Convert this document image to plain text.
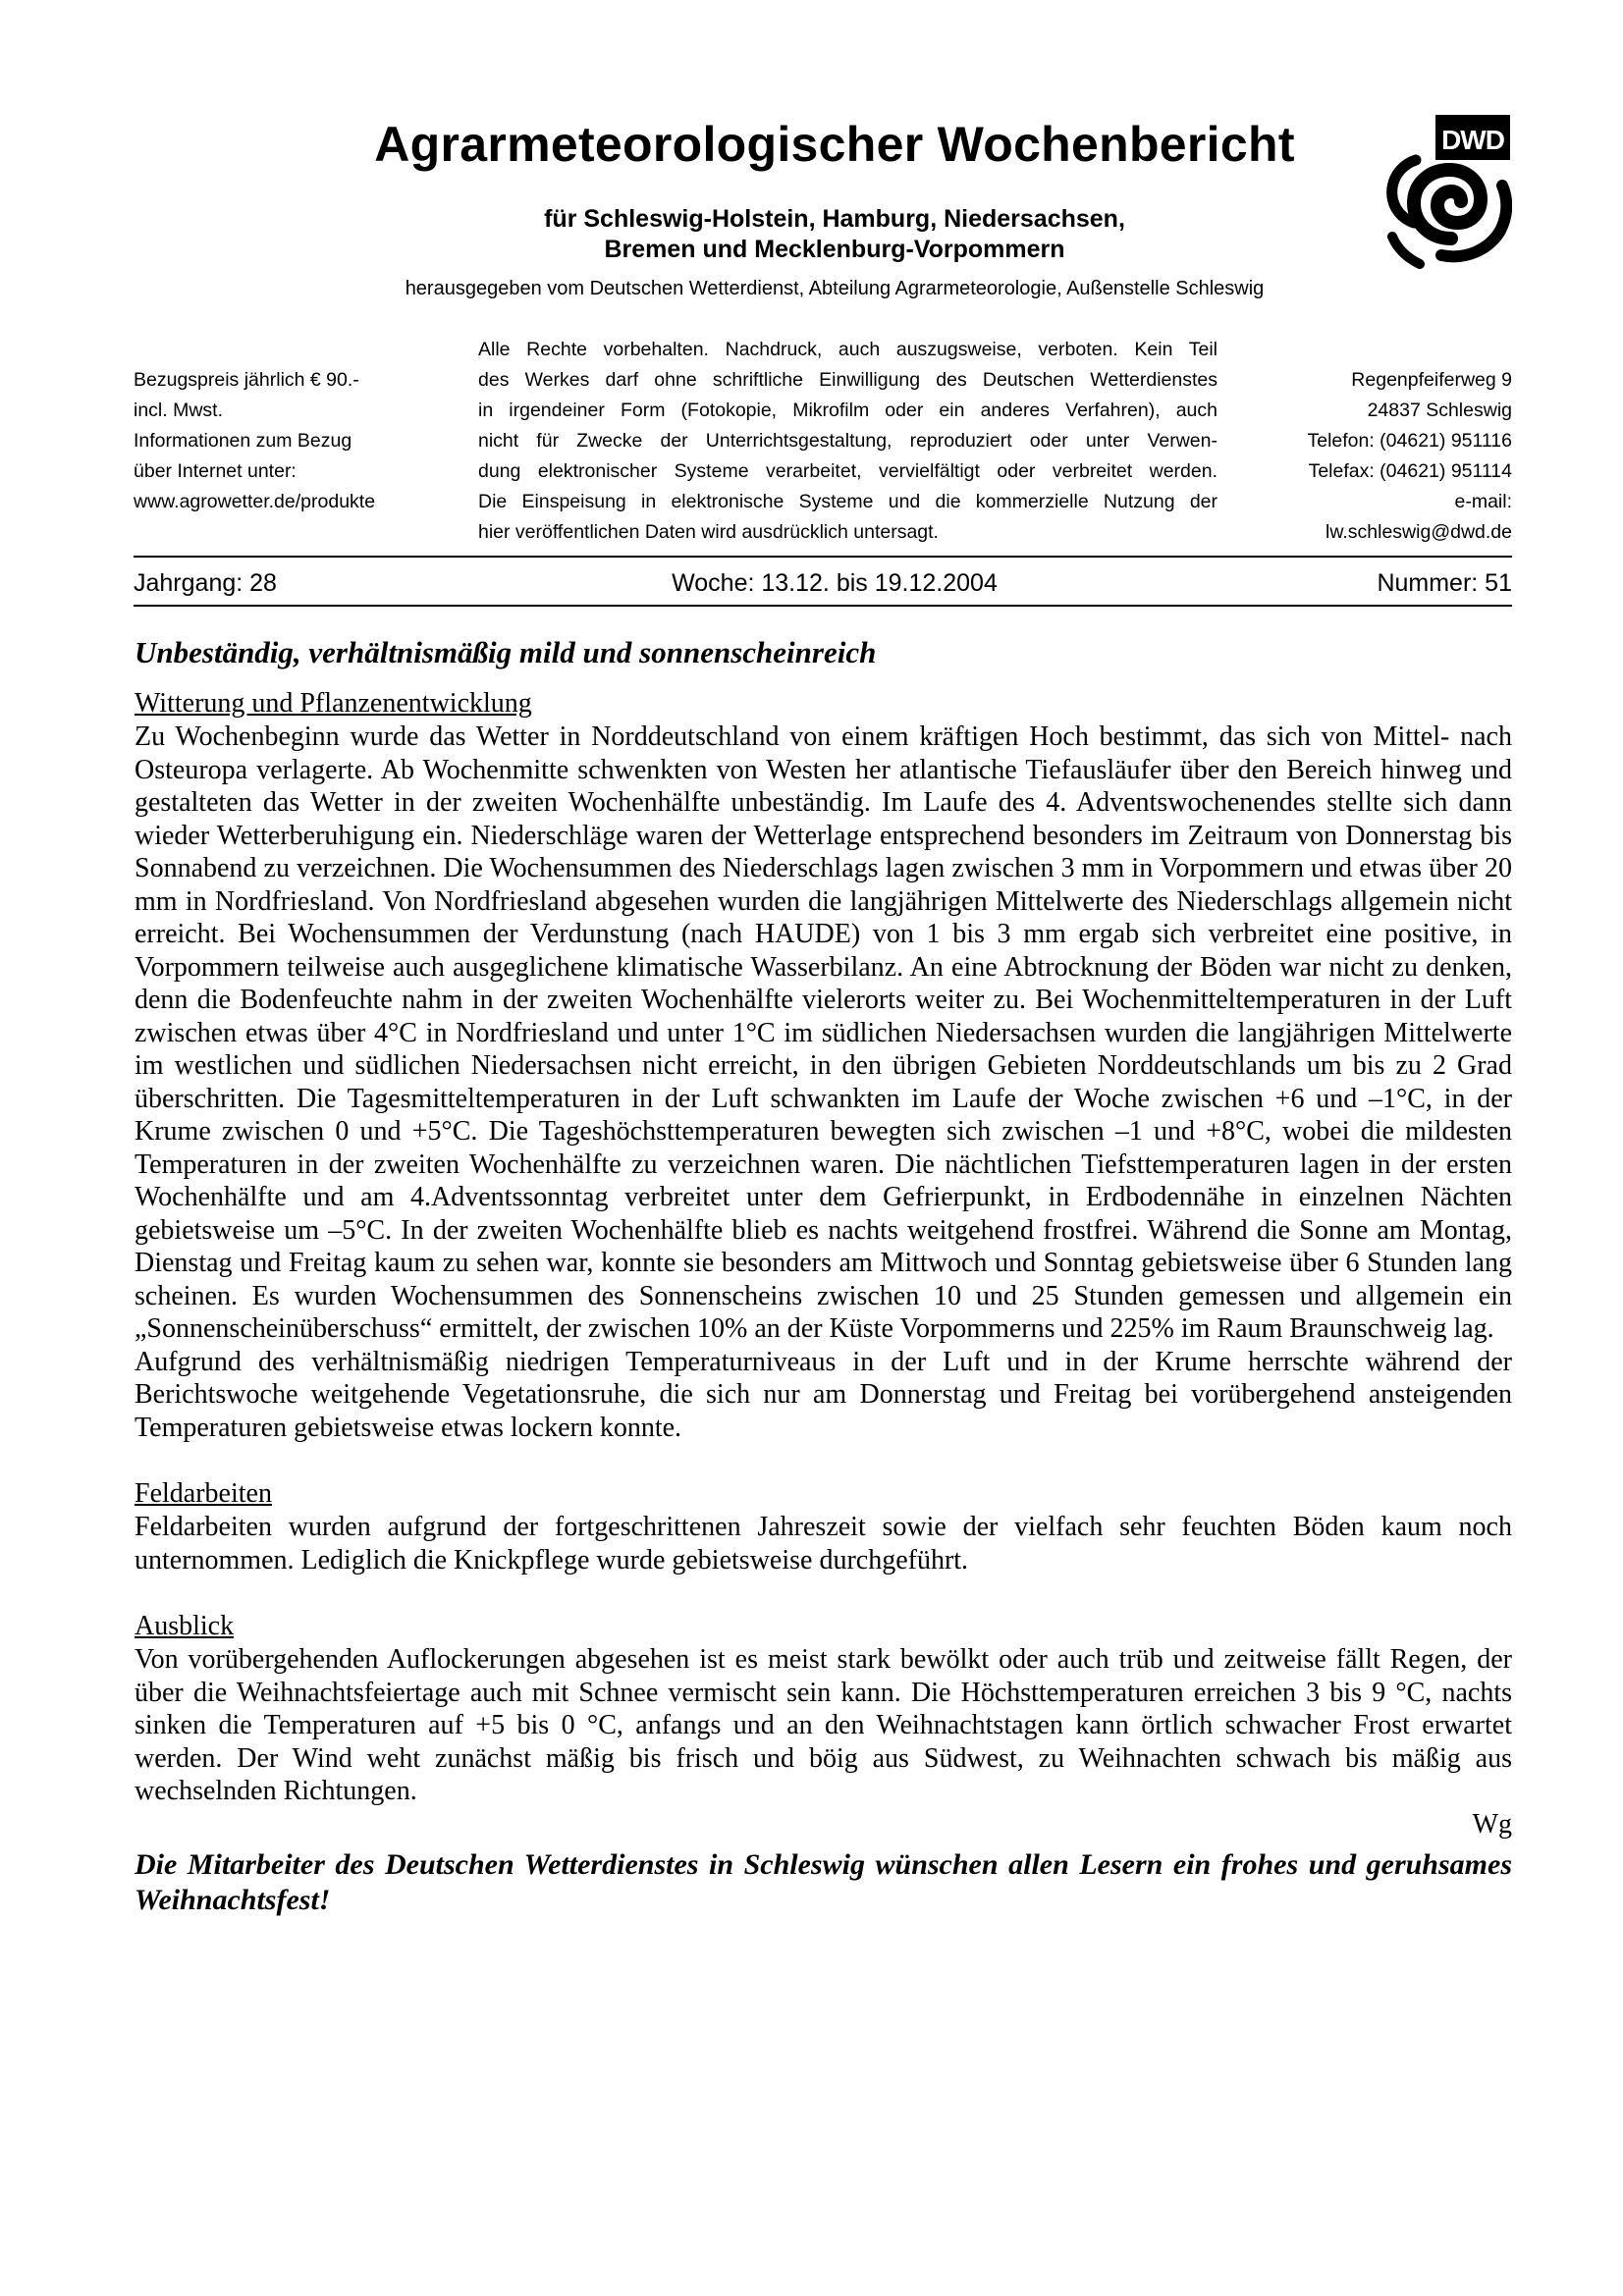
Agrarmeteorologischer Wochenbericht
für Schleswig-Holstein, Hamburg, Niedersachsen,
Bremen und Mecklenburg-Vorpommern
herausgegeben vom Deutschen Wetterdienst, Abteilung Agrarmeteorologie, Außenstelle Schleswig
DWD
Bezugspreis jährlich € 90.-
incl. Mwst.
Informationen zum Bezug
über Internet unter:
www.agrowetter.de/produkte
Alle Rechte vorbehalten. Nachdruck, auch auszugsweise, verboten. Kein Teil
des Werkes darf ohne schriftliche Einwilligung des Deutschen Wetterdienstes
in irgendeiner Form (Fotokopie, Mikrofilm oder ein anderes Verfahren), auch
nicht für Zwecke der Unterrichtsgestaltung, reproduziert oder unter Verwen-
dung elektronischer Systeme verarbeitet, vervielfältigt oder verbreitet werden.
Die Einspeisung in elektronische Systeme und die kommerzielle Nutzung der
hier veröffentlichen Daten wird ausdrücklich untersagt.
Regenpfeiferweg 9
24837 Schleswig
Telefon: (04621) 951116
Telefax: (04621) 951114
e-mail:
lw.schleswig@dwd.de
Jahrgang: 28	Woche: 13.12. bis 19.12.2004	Nummer: 51
Unbeständig, verhältnismäßig mild und sonnenscheinreich
Witterung und Pflanzenentwicklung

Zu Wochenbeginn wurde das Wetter in Norddeutschland von einem kräftigen Hoch bestimmt, das sich von Mittel- nach Osteuropa verlagerte. Ab Wochenmitte schwenkten von Westen her atlantische Tiefausläufer über den Bereich hinweg und gestalteten das Wetter in der zweiten Wochenhälfte unbeständig. Im Laufe des 4. Adventswochenendes stellte sich dann wieder Wetterberuhigung ein. Niederschläge waren der Wetterlage entsprechend besonders im Zeitraum von Donnerstag bis Sonnabend zu verzeichnen. Die Wochensummen des Niederschlags lagen zwischen 3 mm in Vorpommern und etwas über 20 mm in Nordfriesland. Von Nordfriesland abgesehen wurden die langjährigen Mittelwerte des Niederschlags allgemein nicht erreicht. Bei Wochensummen der Verdunstung (nach HAUDE) von 1 bis 3 mm ergab sich verbreitet eine positive, in Vorpommern teilweise auch ausgeglichene klimatische Wasserbilanz. An eine Abtrocknung der Böden war nicht zu denken, denn die Bodenfeuchte nahm in der zweiten Wochenhälfte vielerorts weiter zu. Bei Wochenmitteltemperaturen in der Luft zwischen etwas über 4°C in Nordfriesland und unter 1°C im südlichen Niedersachsen wurden die langjährigen Mittelwerte im westlichen und südlichen Niedersachsen nicht erreicht, in den übrigen Gebieten Norddeutschlands um bis zu 2 Grad überschritten. Die Tagesmitteltemperaturen in der Luft schwankten im Laufe der Woche zwischen +6 und –1°C, in der Krume zwischen 0 und +5°C. Die Tageshöchsttemperaturen bewegten sich zwischen –1 und +8°C, wobei die mildesten Temperaturen in der zweiten Wochenhälfte zu verzeichnen waren. Die nächtlichen Tiefsttemperaturen lagen in der ersten Wochenhälfte und am 4.Adventssonntag verbreitet unter dem Gefrierpunkt, in Erdbodennähe in einzelnen Nächten gebietsweise um –5°C. In der zweiten Wochenhälfte blieb es nachts weitgehend frostfrei. Während die Sonne am Montag, Dienstag und Freitag kaum zu sehen war, konnte sie besonders am Mittwoch und Sonntag gebietsweise über 6 Stunden lang scheinen. Es wurden Wochensummen des Sonnenscheins zwischen 10 und 25 Stunden gemessen und allgemein ein „Sonnenscheinüberschuss“ ermittelt, der zwischen 10% an der Küste Vorpommerns und 225% im Raum Braunschweig lag.

Aufgrund des verhältnismäßig niedrigen Temperaturniveaus in der Luft und in der Krume herrschte während der Berichtswoche weitgehende Vegetationsruhe, die sich nur am Donnerstag und Freitag bei vorübergehend ansteigenden Temperaturen gebietsweise etwas lockern konnte.

Feldarbeiten

Feldarbeiten wurden aufgrund der fortgeschrittenen Jahreszeit sowie der vielfach sehr feuchten Böden kaum noch unternommen. Lediglich die Knickpflege wurde gebietsweise durchgeführt.

Ausblick

Von vorübergehenden Auflockerungen abgesehen ist es meist stark bewölkt oder auch trüb und zeitweise fällt Regen, der über die Weihnachtsfeiertage auch mit Schnee vermischt sein kann. Die Höchsttemperaturen erreichen 3 bis 9 °C, nachts sinken die Temperaturen auf +5 bis 0 °C, anfangs und an den Weihnachtstagen kann örtlich schwacher Frost erwartet werden. Der Wind weht zunächst mäßig bis frisch und böig aus Südwest, zu Weihnachten schwach bis mäßig aus wechselnden Richtungen.

Wg
Die Mitarbeiter des Deutschen Wetterdienstes in Schleswig wünschen allen Lesern ein frohes und geruhsames Weihnachtsfest!
